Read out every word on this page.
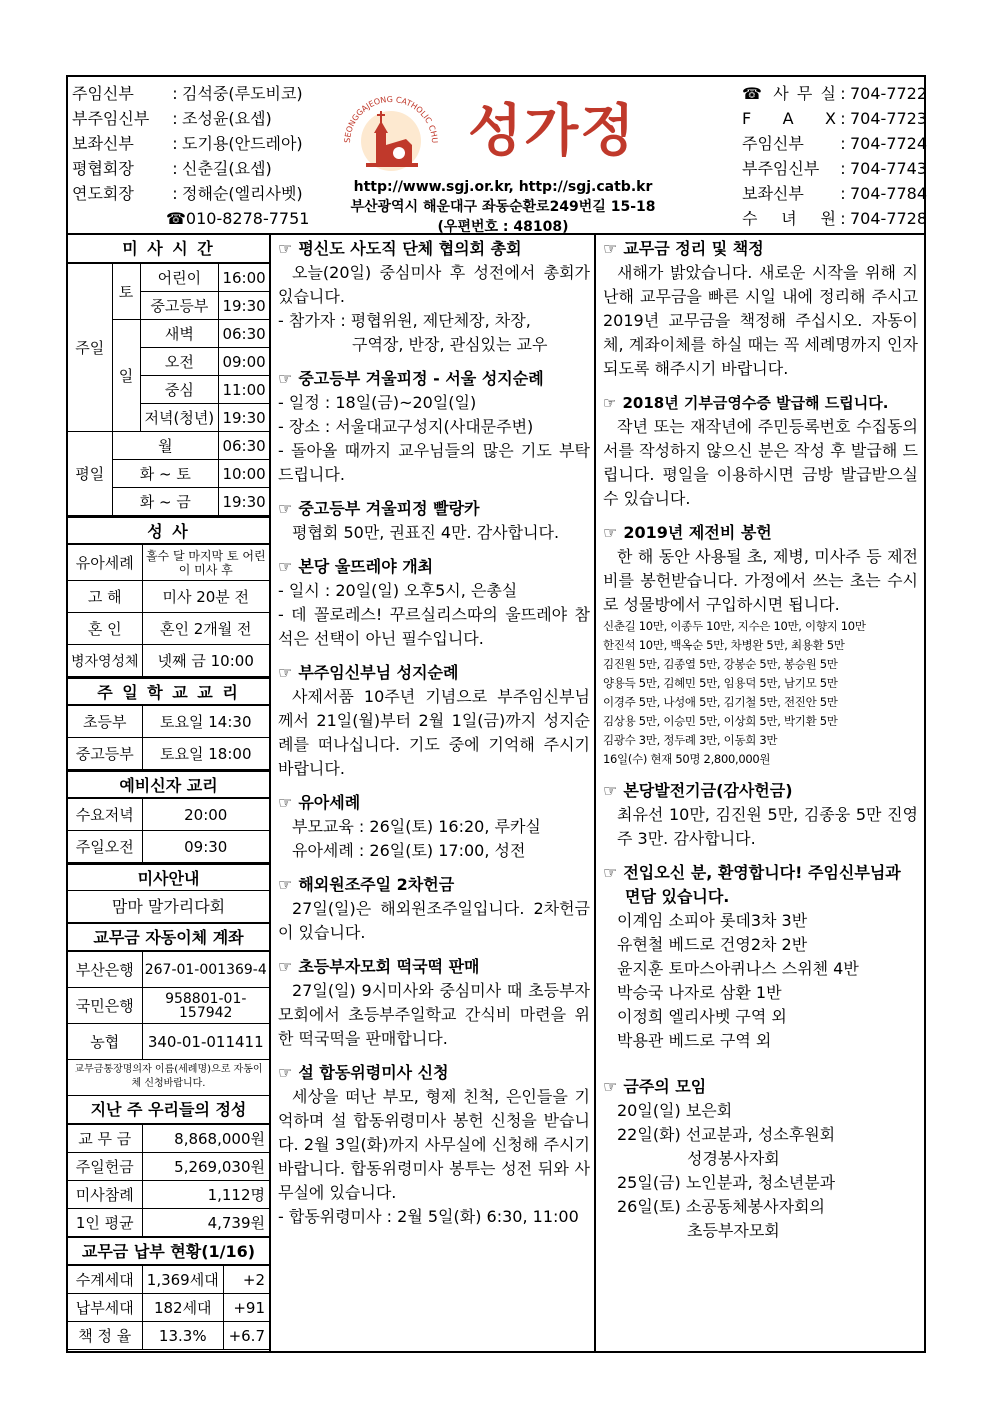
주임신부	: 김석중(루도비코)
부주임신부	: 조성윤(요셉)
보좌신부	: 도기용(안드레아)
평협회장	: 신춘길(요셉)
연도회장	: 정해순(엘리사벳)
☎010-8278-7751
SEONGGAJEONG CATHOLIC CHU 성가정
http://www.sgj.or.kr, http://sgj.catb.kr
부산광역시 해운대구 좌동순환로249번길 15-18
(우편번호 : 48108)
☎ 사 무 실 : 704-7722
F A X : 704-7723
주임신부	: 704-7724
부주임신부	: 704-7743
보좌신부	: 704-7784
수 녀 원 : 704-7728
미 사 시 간
주일	토	어린이	16:00
		중고등부	19:30
	일	새벽	06:30
		오전	09:00
		중심	11:00
		저녁(청년)	19:30
평일	월		06:30
	화 ~ 토		10:00
	화 ~ 금		19:30
성 사
유아세례	홀수 달 마지막 토 어린이 미사 후
고 해	미사 20분 전
혼 인	혼인 2개월 전
병자영성체	넷째 금 10:00
주 일 학 교 교 리
초등부	토요일 14:30
중고등부	토요일 18:00
예비신자 교리
수요저녁	20:00
주일오전	09:30
미사안내
맘마 말가리다회
교무금 자동이체 계좌
부산은행	267-01-001369-4
국민은행	958801-01-157942
농협	340-01-011411
교무금통장명의자 이름(세례명)으로 자동이체 신청바랍니다.
지난 주 우리들의 정성
교 무 금	8,868,000원
주일헌금	5,269,030원
미사참례	1,112명
1인 평균	4,739원
교무금 납부 현황(1/16)
수계세대	1,369세대	+2
납부세대	182세대	+91
책 정 율	13.3%	+6.7
☞ 평신도 사도직 단체 협의회 총회

오늘(20일) 중심미사 후 성전에서 총회가 있습니다.

- 참가자 : 평협위원, 제단체장, 차장,

구역장, 반장, 관심있는 교우

☞ 중고등부 겨울피정 - 서울 성지순례

- 일정 : 18일(금)~20일(일)

- 장소 : 서울대교구성지(사대문주변)

- 돌아올 때까지 교우님들의 많은 기도 부탁드립니다.

☞ 중고등부 겨울피정 빨랑카

평협회 50만, 권표진 4만. 감사합니다.

☞ 본당 울뜨레야 개최

- 일시 : 20일(일) 오후5시, 은총실

- 데 꼴로레스! 꾸르실리스따의 울뜨레야 참석은 선택이 아닌 필수입니다.

☞ 부주임신부님 성지순례

사제서품 10주년 기념으로 부주임신부님께서 21일(월)부터 2월 1일(금)까지 성지순례를 떠나십니다. 기도 중에 기억해 주시기 바랍니다.

☞ 유아세례

부모교육 : 26일(토) 16:20, 루카실

유아세례 : 26일(토) 17:00, 성전

☞ 해외원조주일 2차헌금

27일(일)은 해외원조주일입니다. 2차헌금이 있습니다.

☞ 초등부자모회 떡국떡 판매

27일(일) 9시미사와 중심미사 때 초등부자모회에서 초등부주일학교 간식비 마련을 위한 떡국떡을 판매합니다.

☞ 설 합동위령미사 신청

세상을 떠난 부모, 형제 친척, 은인들을 기억하며 설 합동위령미사 봉헌 신청을 받습니다. 2월 3일(화)까지 사무실에 신청해 주시기 바랍니다. 합동위령미사 봉투는 성전 뒤와 사무실에 있습니다.

- 합동위령미사 : 2월 5일(화) 6:30, 11:00

☞ 교무금 정리 및 책정

새해가 밝았습니다. 새로운 시작을 위해 지난해 교무금을 빠른 시일 내에 정리해 주시고 2019년 교무금을 책정해 주십시오. 자동이체, 계좌이체를 하실 때는 꼭 세례명까지 인자되도록 해주시기 바랍니다.

☞ 2018년 기부금영수증 발급해 드립니다.

작년 또는 재작년에 주민등록번호 수집동의서를 작성하지 않으신 분은 작성 후 발급해 드립니다. 평일을 이용하시면 금방 발급받으실 수 있습니다.

☞ 2019년 제전비 봉헌

한 해 동안 사용될 초, 제병, 미사주 등 제전비를 봉헌받습니다. 가정에서 쓰는 초는 수시로 성물방에서 구입하시면 됩니다.

신춘길 10만, 이종두 10만, 지수은 10만, 이향지 10만
한진석 10만, 백옥순 5만, 차병완 5만, 최용환 5만
김진원 5만, 김종열 5만, 강봉순 5만, 봉승원 5만
양용득 5만, 김혜민 5만, 임용덕 5만, 남기모 5만
이경주 5만, 나성애 5만, 김기철 5만, 전진안 5만
김상용 5만, 이승민 5만, 이상희 5만, 박기환 5만
김광수 3만, 정두례 3만, 이동희 3만
16일(수) 현재 50명 2,800,000원
☞ 본당발전기금(감사헌금)

최유선 10만, 김진원 5만, 김종웅 5만 진영주 3만. 감사합니다.

☞ 전입오신 분, 환영합니다! 주임신부님과 면담 있습니다.

이계임 소피아 롯데3차 3반

유현철 베드로 건영2차 2반

윤지훈 토마스아퀴나스 스위첸 4반

박승국 나자로 삼환 1반

이정희 엘리사벳 구역 외

박용관 베드로 구역 외

☞ 금주의 모임

20일(일) 보은회

22일(화) 선교분과, 성소후원회

성경봉사자회

25일(금) 노인분과, 청소년분과

26일(토) 소공동체봉사자회의

초등부자모회
